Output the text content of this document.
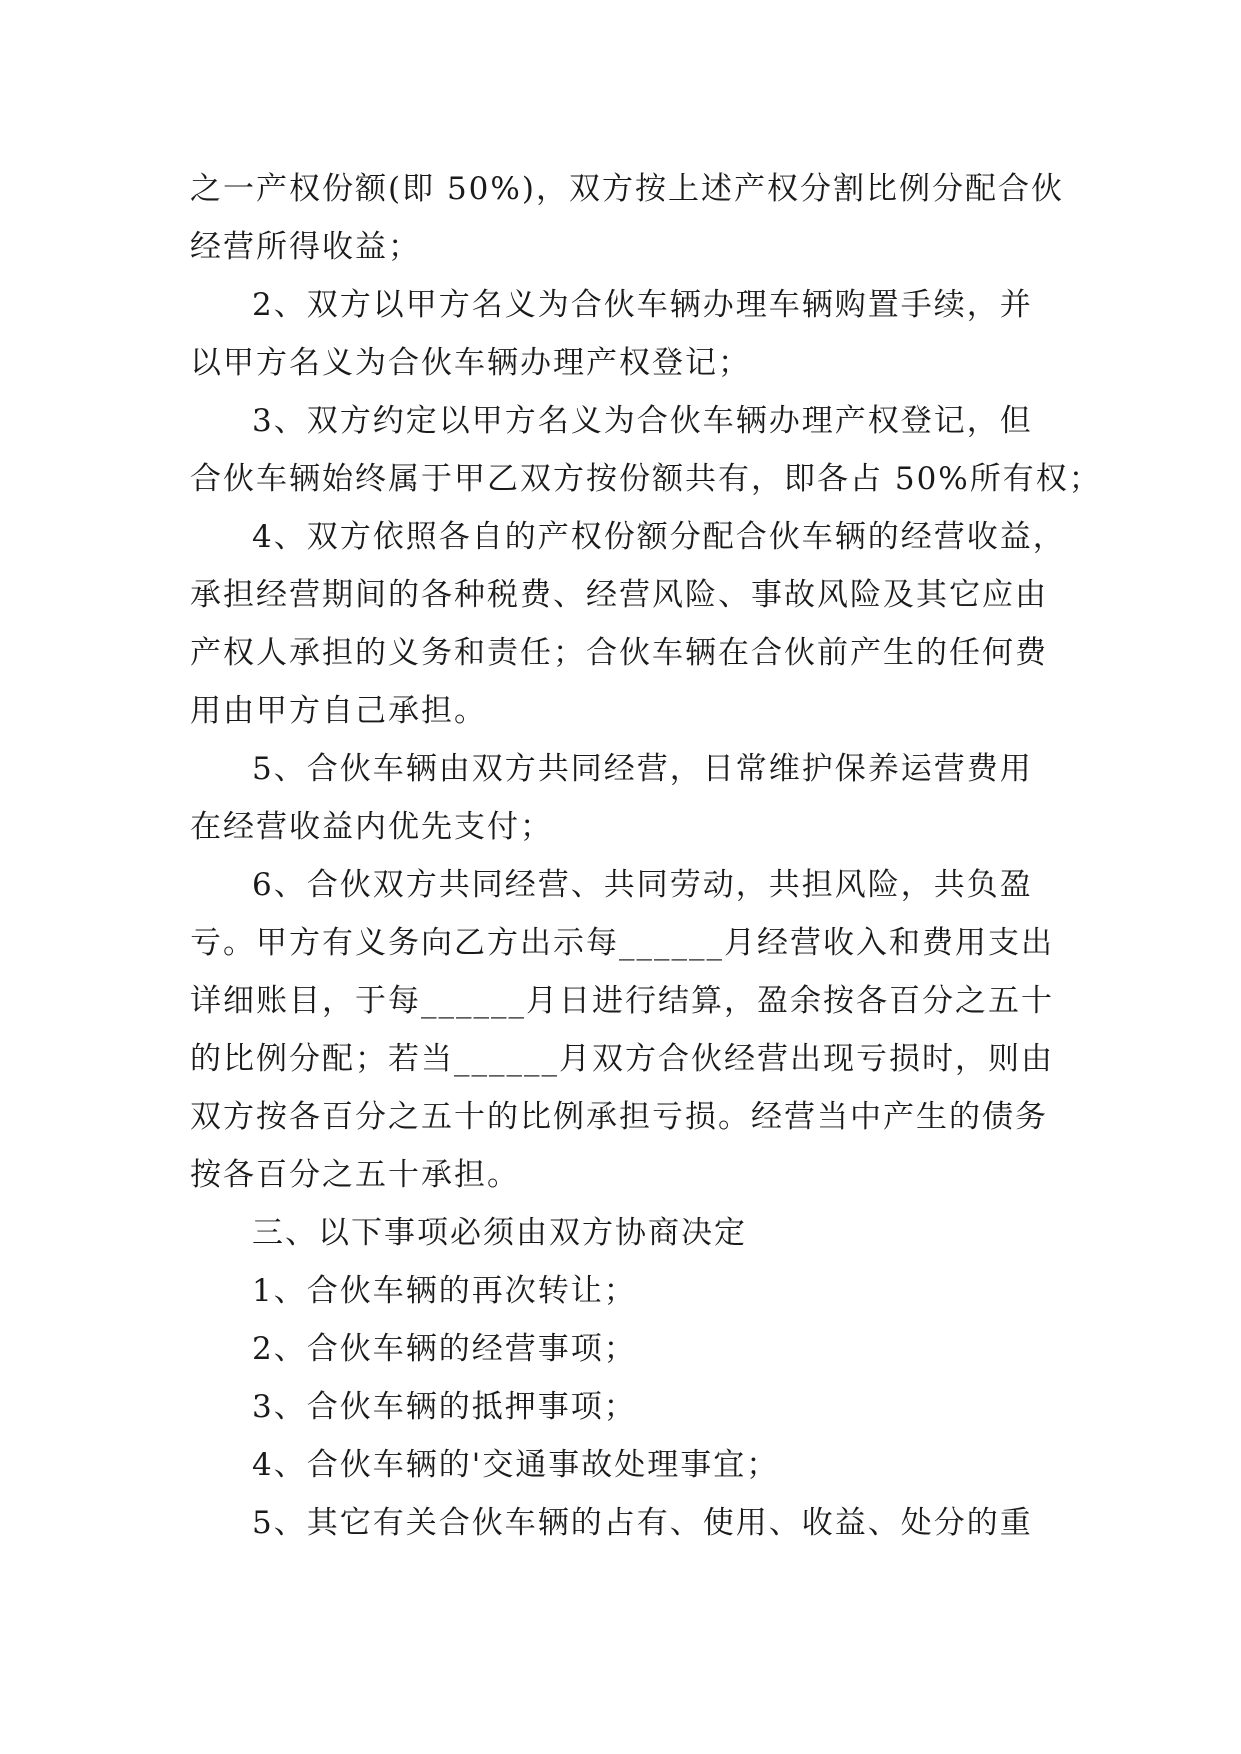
之一产权份额(即 50%)，双方按上述产权分割比例分配合伙
经营所得收益；
2、双方以甲方名义为合伙车辆办理车辆购置手续，并
以甲方名义为合伙车辆办理产权登记；
3、双方约定以甲方名义为合伙车辆办理产权登记，但
合伙车辆始终属于甲乙双方按份额共有，即各占 50%所有权；
4、双方依照各自的产权份额分配合伙车辆的经营收益，
承担经营期间的各种税费、经营风险、事故风险及其它应由
产权人承担的义务和责任；合伙车辆在合伙前产生的任何费
用由甲方自己承担。
5、合伙车辆由双方共同经营，日常维护保养运营费用
在经营收益内优先支付；
6、合伙双方共同经营、共同劳动，共担风险，共负盈
亏。甲方有义务向乙方出示每______月经营收入和费用支出
详细账目，于每______月日进行结算，盈余按各百分之五十
的比例分配；若当______月双方合伙经营出现亏损时，则由
双方按各百分之五十的比例承担亏损。经营当中产生的债务
按各百分之五十承担。
三、以下事项必须由双方协商决定
1、合伙车辆的再次转让；
2、合伙车辆的经营事项；
3、合伙车辆的抵押事项；
4、合伙车辆的'交通事故处理事宜；
5、其它有关合伙车辆的占有、使用、收益、处分的重
